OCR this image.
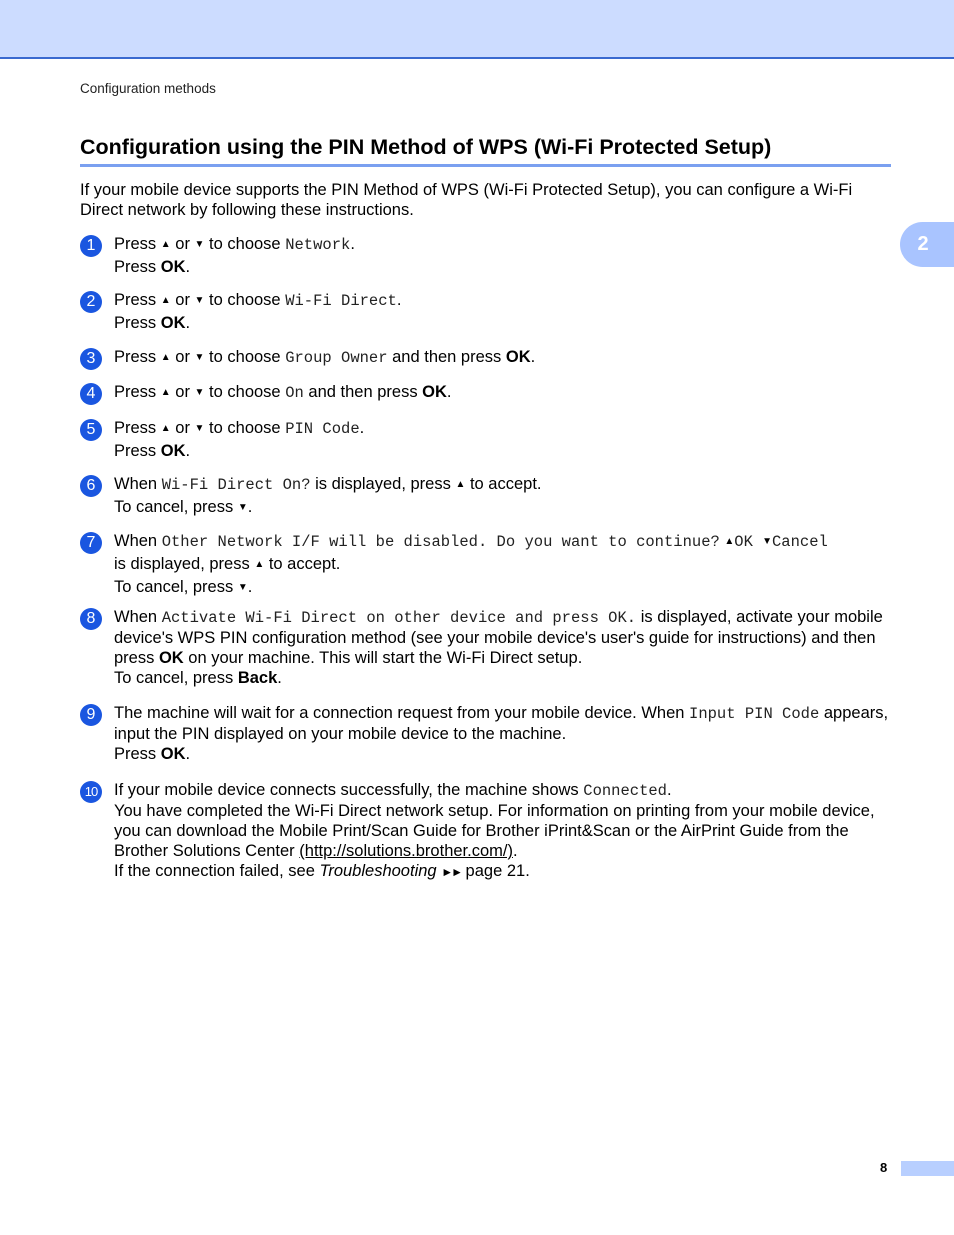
Configuration methods
Configuration using the PIN Method of WPS (Wi-Fi Protected Setup)
2
If your mobile device supports the PIN Method of WPS (Wi-Fi Protected Setup), you can configure a Wi-Fi Direct network by following these instructions.
1	Press ▲ or ▼ to choose Network.

Press OK.

2	Press ▲ or ▼ to choose Wi-Fi Direct.

Press OK.

3	Press ▲ or ▼ to choose Group Owner and then press OK.

4	Press ▲ or ▼ to choose On and then press OK.

5	Press ▲ or ▼ to choose PIN Code.

Press OK.

6	When Wi-Fi Direct On? is displayed, press ▲ to accept.

To cancel, press ▼.

7	When Other Network I/F will be disabled. Do you want to continue? ▲OK ▼Cancel

is displayed, press ▲ to accept.

To cancel, press ▼.

8	When Activate Wi-Fi Direct on other device and press OK. is displayed, activate your mobile device's WPS PIN configuration method (see your mobile device's user's guide for instructions) and then press OK on your machine. This will start the Wi-Fi Direct setup.

To cancel, press Back.

9	The machine will wait for a connection request from your mobile device. When Input PIN Code appears, input the PIN displayed on your mobile device to the machine.

Press OK.

10 If your mobile device connects successfully, the machine shows Connected.

You have completed the Wi-Fi Direct network setup. For information on printing from your mobile device, you can download the Mobile Print/Scan Guide for Brother iPrint&Scan or the AirPrint Guide from the Brother Solutions Center (http://solutions.brother.com/).

If the connection failed, see Troubleshooting ►► page 21.

8
